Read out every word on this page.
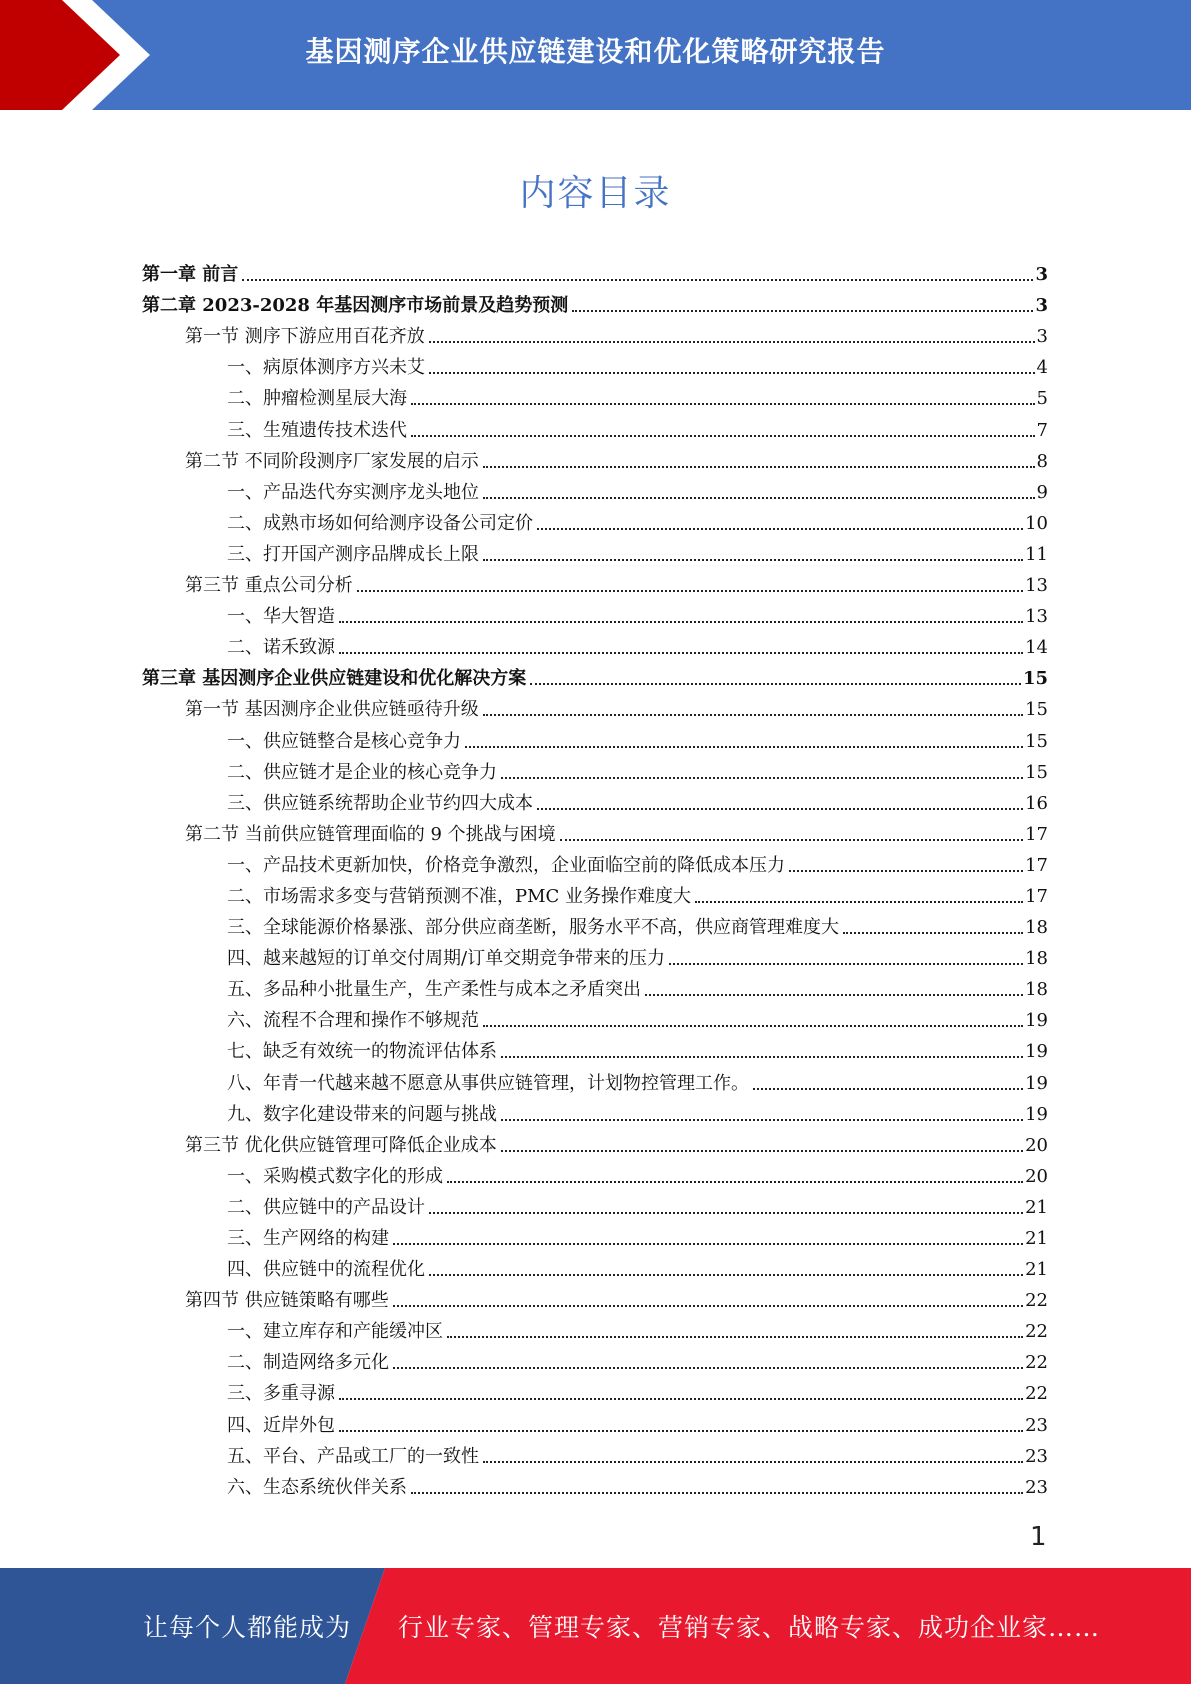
基因测序企业供应链建设和优化策略研究报告
内容目录
第一章 前言	3
第二章 2023-2028 年基因测序市场前景及趋势预测	3
第一节 测序下游应用百花齐放	3
一、病原体测序方兴未艾	4
二、肿瘤检测星辰大海	5
三、生殖遗传技术迭代	7
第二节 不同阶段测序厂家发展的启示	8
一、产品迭代夯实测序龙头地位	9
二、成熟市场如何给测序设备公司定价	10
三、打开国产测序品牌成长上限	11
第三节 重点公司分析	13
一、华大智造	13
二、诺禾致源	14
第三章 基因测序企业供应链建设和优化解决方案	15
第一节 基因测序企业供应链亟待升级	15
一、供应链整合是核心竞争力	15
二、供应链才是企业的核心竞争力	15
三、供应链系统帮助企业节约四大成本	16
第二节 当前供应链管理面临的 9 个挑战与困境	17
一、产品技术更新加快，价格竞争激烈，企业面临空前的降低成本压力	17
二、市场需求多变与营销预测不准，PMC 业务操作难度大	17
三、全球能源价格暴涨、部分供应商垄断，服务水平不高，供应商管理难度大	18
四、越来越短的订单交付周期/订单交期竞争带来的压力	18
五、多品种小批量生产，生产柔性与成本之矛盾突出	18
六、流程不合理和操作不够规范	19
七、缺乏有效统一的物流评估体系	19
八、年青一代越来越不愿意从事供应链管理，计划物控管理工作。	19
九、数字化建设带来的问题与挑战	19
第三节 优化供应链管理可降低企业成本	20
一、采购模式数字化的形成	20
二、供应链中的产品设计	21
三、生产网络的构建	21
四、供应链中的流程优化	21
第四节 供应链策略有哪些	22
一、建立库存和产能缓冲区	22
二、制造网络多元化	22
三、多重寻源	22
四、近岸外包	23
五、平台、产品或工厂的一致性	23
六、生态系统伙伴关系	23
1
让每个人都能成为 行业专家、管理专家、营销专家、战略专家、成功企业家……
